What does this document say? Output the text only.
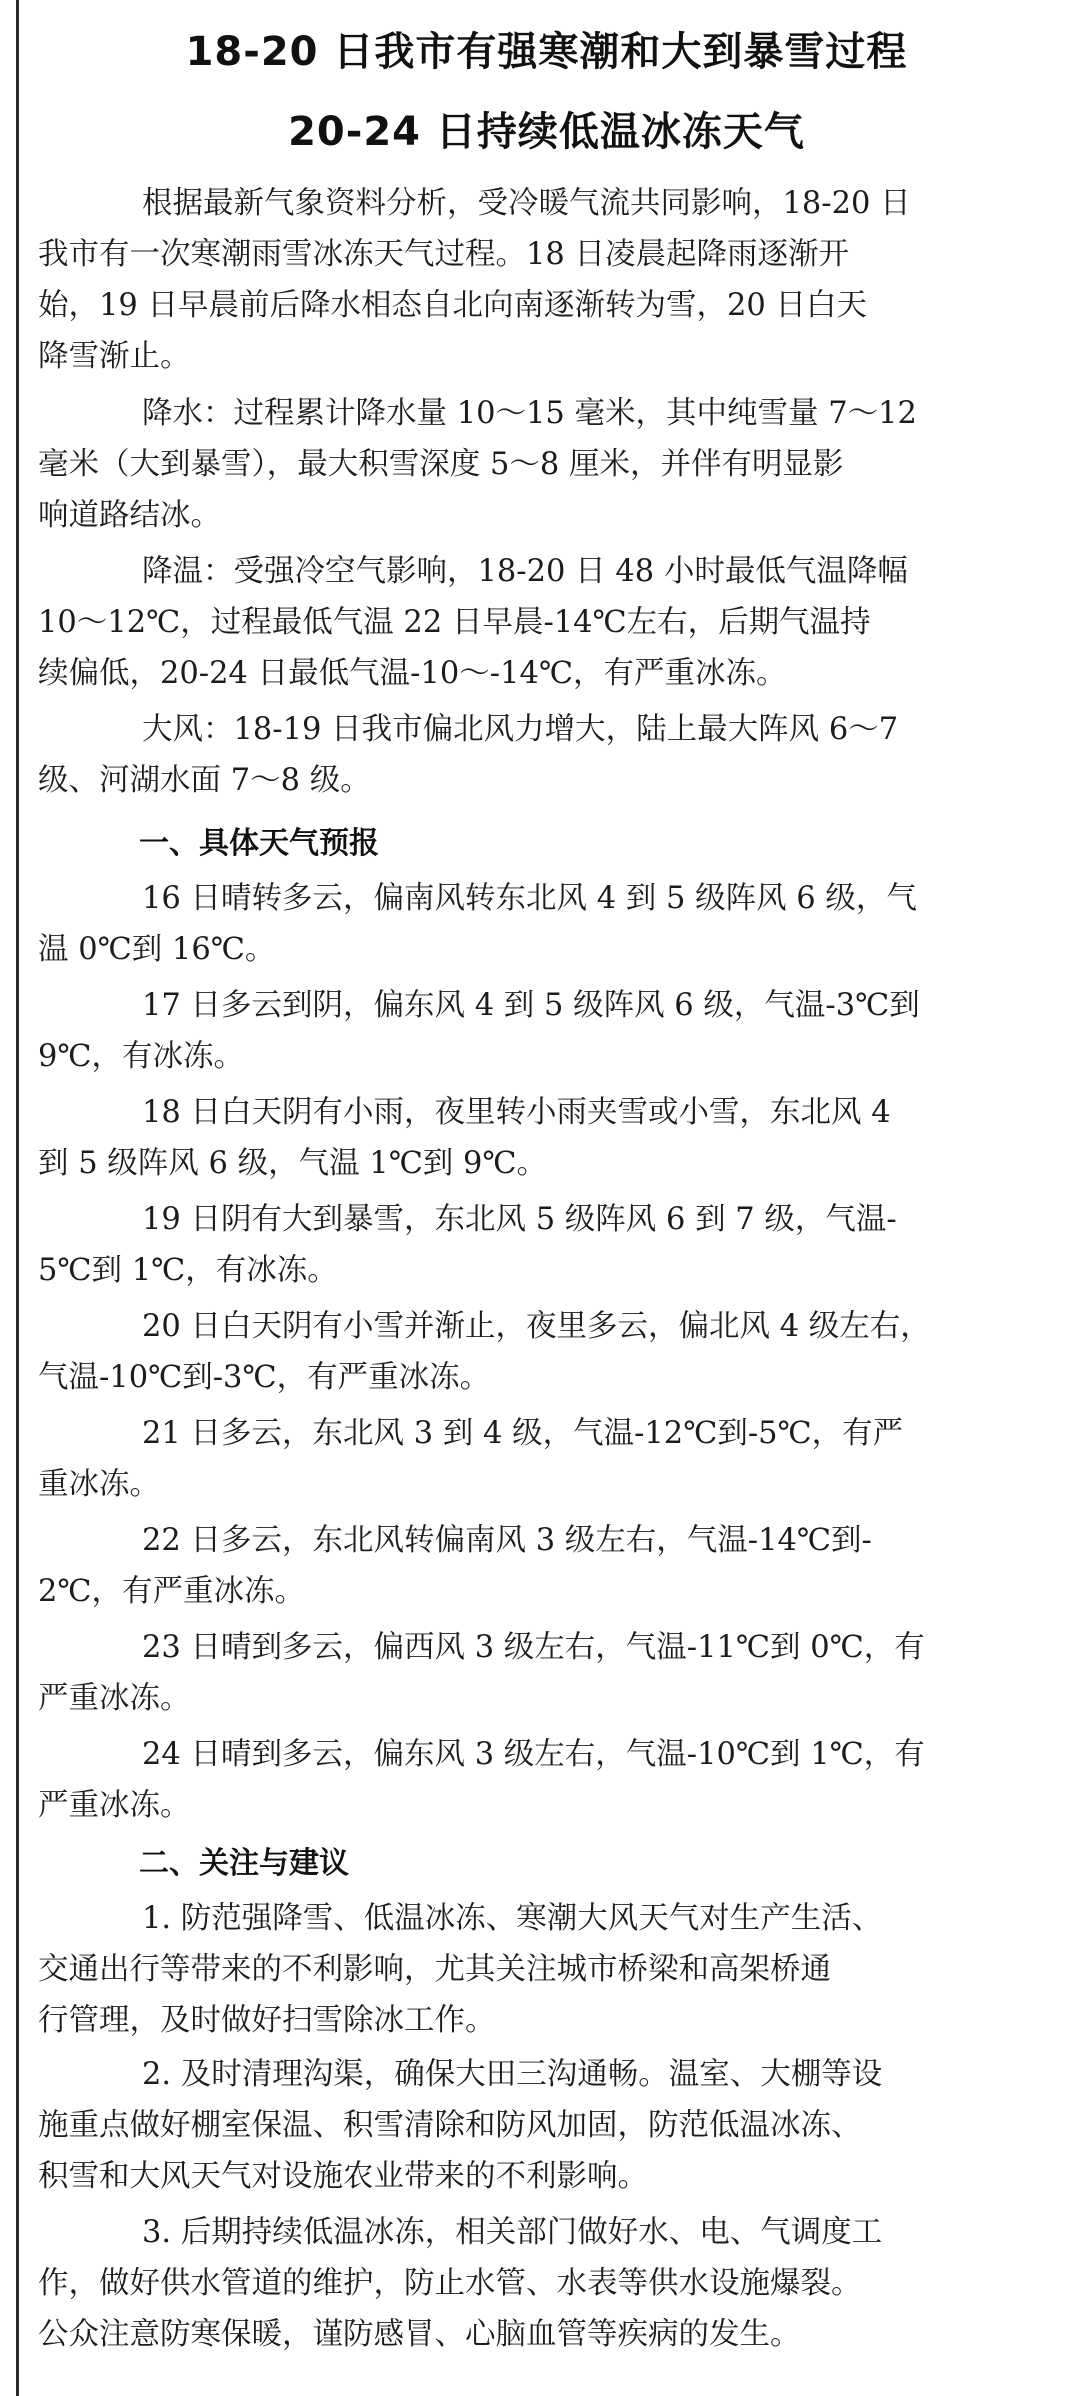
18-20 日我市有强寒潮和大到暴雪过程
20-24 日持续低温冰冻天气
根据最新气象资料分析，受冷暖气流共同影响，18-20 日
我市有一次寒潮雨雪冰冻天气过程。18 日凌晨起降雨逐渐开
始，19 日早晨前后降水相态自北向南逐渐转为雪，20 日白天
降雪渐止。
降水：过程累计降水量 10～15 毫米，其中纯雪量 7～12
毫米（大到暴雪），最大积雪深度 5～8 厘米，并伴有明显影
响道路结冰。
降温：受强冷空气影响，18-20 日 48 小时最低气温降幅
10～12℃，过程最低气温 22 日早晨-14℃左右，后期气温持
续偏低，20-24 日最低气温-10～-14℃，有严重冰冻。
大风：18-19 日我市偏北风力增大，陆上最大阵风 6～7
级、河湖水面 7～8 级。
一、具体天气预报
16 日晴转多云，偏南风转东北风 4 到 5 级阵风 6 级，气
温 0℃到 16℃。
17 日多云到阴，偏东风 4 到 5 级阵风 6 级，气温-3℃到
9℃，有冰冻。
18 日白天阴有小雨，夜里转小雨夹雪或小雪，东北风 4
到 5 级阵风 6 级，气温 1℃到 9℃。
19 日阴有大到暴雪，东北风 5 级阵风 6 到 7 级，气温-
5℃到 1℃，有冰冻。
20 日白天阴有小雪并渐止，夜里多云，偏北风 4 级左右，
气温-10℃到-3℃，有严重冰冻。
21 日多云，东北风 3 到 4 级，气温-12℃到-5℃，有严
重冰冻。
22 日多云，东北风转偏南风 3 级左右，气温-14℃到-
2℃，有严重冰冻。
23 日晴到多云，偏西风 3 级左右，气温-11℃到 0℃，有
严重冰冻。
24 日晴到多云，偏东风 3 级左右，气温-10℃到 1℃，有
严重冰冻。
二、关注与建议
1. 防范强降雪、低温冰冻、寒潮大风天气对生产生活、
交通出行等带来的不利影响，尤其关注城市桥梁和高架桥通
行管理，及时做好扫雪除冰工作。
2. 及时清理沟渠，确保大田三沟通畅。温室、大棚等设
施重点做好棚室保温、积雪清除和防风加固，防范低温冰冻、
积雪和大风天气对设施农业带来的不利影响。
3. 后期持续低温冰冻，相关部门做好水、电、气调度工
作，做好供水管道的维护，防止水管、水表等供水设施爆裂。
公众注意防寒保暖，谨防感冒、心脑血管等疾病的发生。
